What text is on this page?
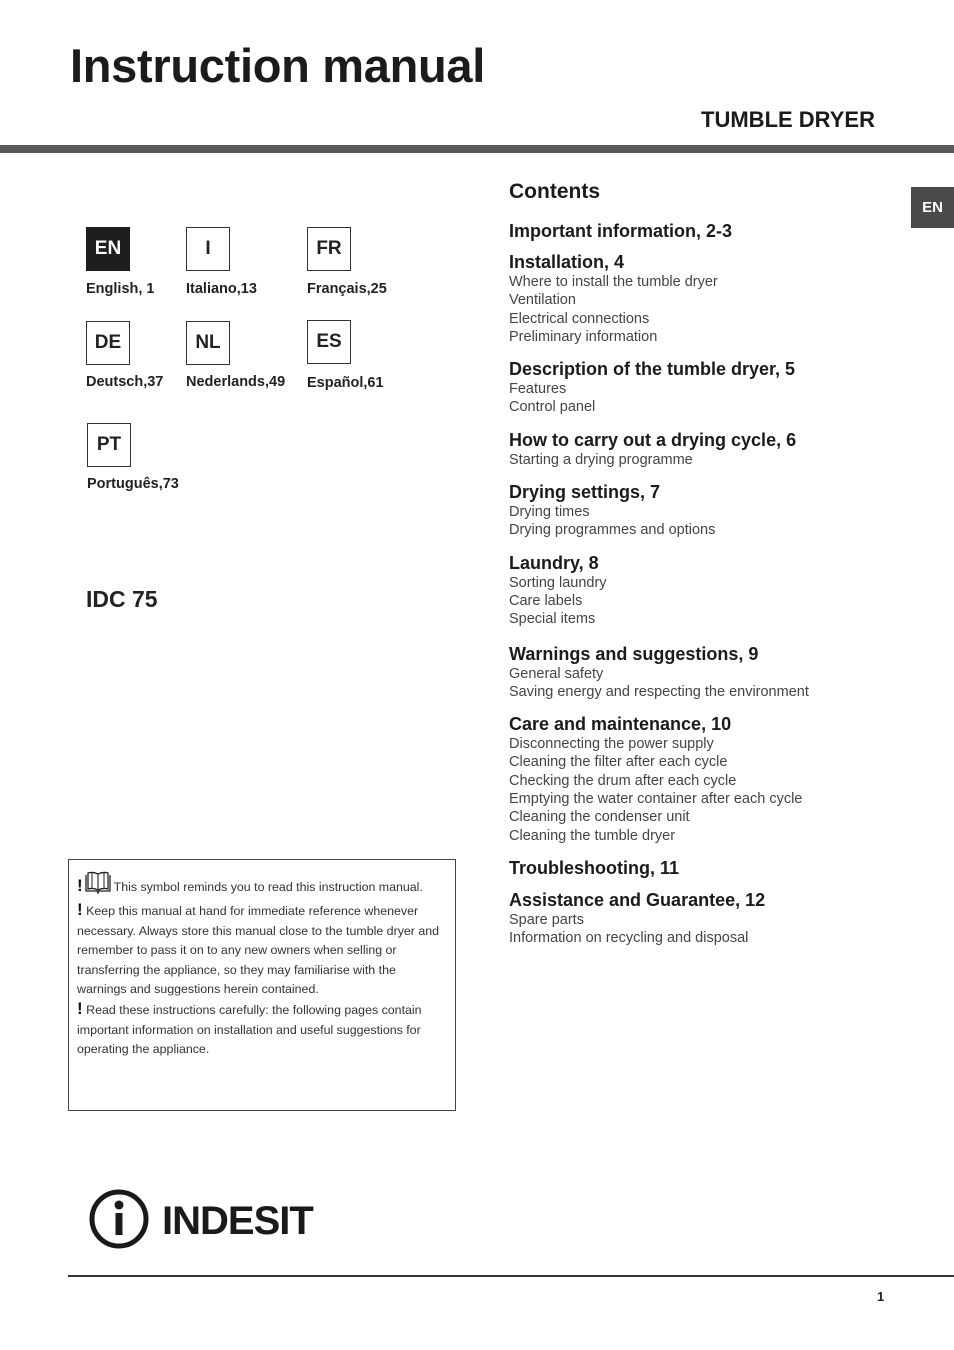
Instruction manual
TUMBLE DRYER
EN
EN
English, 1
I
Italiano,13
FR
Français,25
DE
Deutsch,37
NL
Nederlands,49
ES
Español,61
PT
Português,73
IDC 75
Contents
Important information, 2-3
Installation, 4
Where to install the tumble dryer
Ventilation
Electrical connections
Preliminary information
Description of the tumble dryer, 5
Features
Control panel
How to carry out a drying cycle, 6
Starting a drying programme
Drying settings, 7
Drying times
Drying programmes and options
Laundry, 8
Sorting laundry
Care labels
Special items
Warnings and suggestions, 9
General safety
Saving energy and respecting the environment
Care and maintenance, 10
Disconnecting the power supply
Cleaning the filter after each cycle
Checking the drum after each cycle
Emptying the water container after each cycle
Cleaning the condenser unit
Cleaning the tumble dryer
Troubleshooting, 11
Assistance and Guarantee, 12
Spare parts
Information on recycling and disposal

!	This symbol reminds you to read this instruction manual.

! Keep this manual at hand for immediate reference whenever necessary. Always store this manual close to the tumble dryer and remember to pass it on to any new owners when selling or transferring the appliance, so they may familiarise with the warnings and suggestions herein contained.

! Read these instructions carefully: the following pages contain important information on installation and useful suggestions for operating the appliance.

INDESIT
1
